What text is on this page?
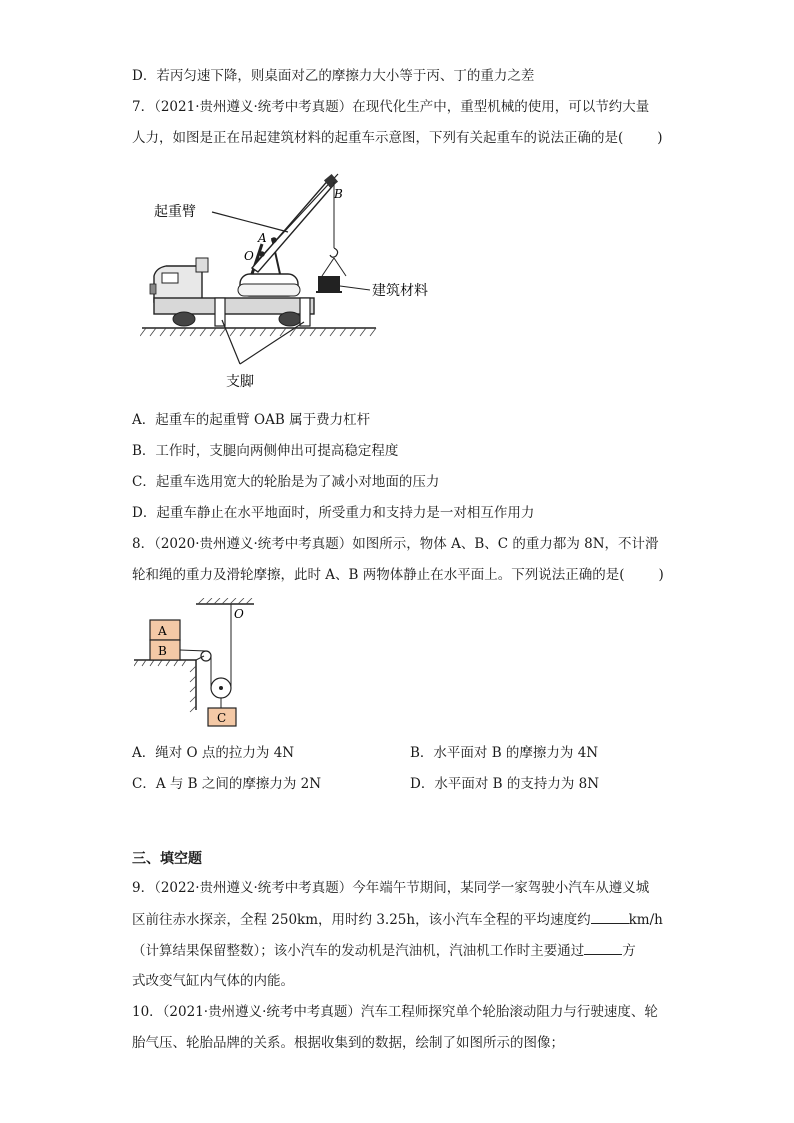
D．若丙匀速下降，则桌面对乙的摩擦力大小等于丙、丁的重力之差
7．（2021·贵州遵义·统考中考真题）在现代化生产中，重型机械的使用，可以节约大量
人力，如图是正在吊起建筑材料的起重车示意图，下列有关起重车的说法正确的是(	)
起重臂
建筑材料
支脚
A
O
B
A．起重车的起重臂 OAB 属于费力杠杆
B．工作时，支腿向两侧伸出可提高稳定程度
C．起重车选用宽大的轮胎是为了减小对地面的压力
D．起重车静止在水平地面时，所受重力和支持力是一对相互作用力
8．（2020·贵州遵义·统考中考真题）如图所示，物体 A、B、C 的重力都为 8N，不计滑
轮和绳的重力及滑轮摩擦，此时 A、B 两物体静止在水平面上。下列说法正确的是(	)
A
B
C
O
A．绳对 O 点的拉力为 4N	B．水平面对 B 的摩擦力为 4N
C．A 与 B 之间的摩擦力为 2N	D．水平面对 B 的支持力为 8N
三、填空题
9．（2022·贵州遵义·统考中考真题）今年端午节期间，某同学一家驾驶小汽车从遵义城
区前往赤水探亲，全程 250km，用时约 3.25h，该小汽车全程的平均速度约	km/h
（计算结果保留整数）；该小汽车的发动机是汽油机，汽油机工作时主要通过	方
式改变气缸内气体的内能。
10．（2021·贵州遵义·统考中考真题）汽车工程师探究单个轮胎滚动阻力与行驶速度、轮
胎气压、轮胎品牌的关系。根据收集到的数据，绘制了如图所示的图像；
